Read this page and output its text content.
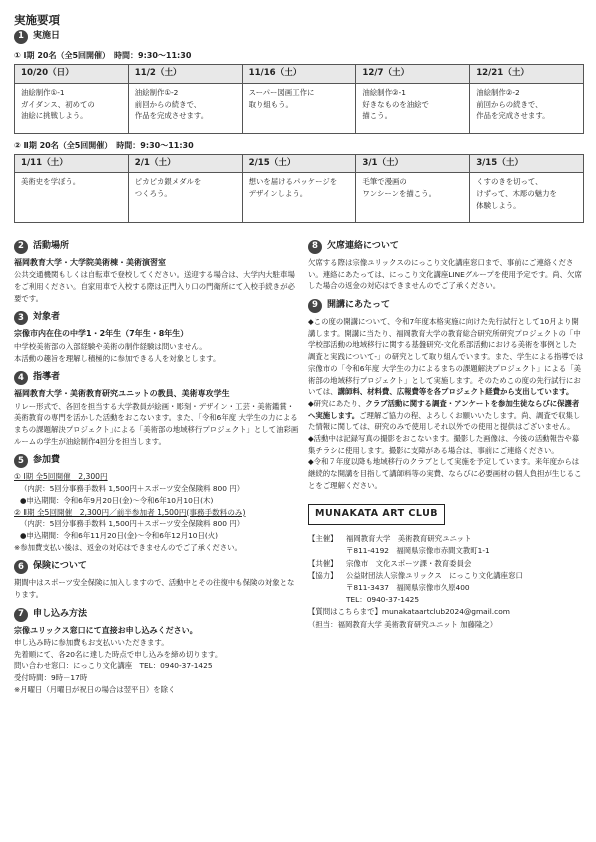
実施要項
1	実施日
① Ⅰ期 20名（全5回開催）　時間：9:30～11:30
10/20（日）	11/2（土）	11/16（土）	12/7（土）	12/21（土）
油絵制作①-1
ガイダンス、初めての
油絵に挑戦しよう。	油絵制作①-2
前回からの続きで、
作品を完成させます。	スーパー図画工作に
取り組もう。	油絵制作②-1
好きなものを油絵で
描こう。	油絵制作②-2
前回からの続きで、
作品を完成させます。
② Ⅱ期 20名（全5回開催）　時間：9:30～11:30
1/11（土）	2/1（土）	2/15（土）	3/1（土）	3/15（土）
美術史を学ぼう。	ピカピカ銀メダルを
つくろう。	想いを届けるパッケージを
デザインしよう。	毛筆で漫画の
ワンシーンを描こう。	くすのきを切って、
けずって、木彫の魅力を
体験しよう。
2	活動場所
福岡教育大学・大学院美術棟・美術演習室
公共交通機関もしくは自転車で登校してください。送迎する場合は、大学内大駐車場をご利用ください。自家用車で入校する際は正門入り口の門衛所にて入校手続きが必要です。
3	対象者
宗像市内在住の中学1・2年生（7年生・8年生）
中学校美術部の入部経験や美術の制作経験は問いません。
本活動の趣旨を理解し積極的に参加できる人を対象とします。
4	指導者
福岡教育大学・美術教育研究ユニットの教員、美術専攻学生
リレー形式で、各回を担当する大学教員が絵画・彫刻・デザイン・工芸・美術鑑賞・美術教育の専門を活かした活動をおこないます。また、｢令和6年度 大学生の力によるまちの課題解決プロジェクト｣による「美術部の地域移行プロジェクト」として油彩画ルームの学生が油絵制作4回分を担当します。
5	参加費
① Ⅰ期 全5回開催　2,300円
（内訳：5回分事務手数料 1,500円＋スポーツ安全保険料 800 円）
●申込期間：令和6年9月20日(金)～令和6年10月10日(木)
② Ⅱ期 全5回開催　2,300円／前半参加者 1,500円(事務手数料のみ)
（内訳：5回分事務手数料 1,500円＋スポーツ安全保険料 800 円）
●申込期間：令和6年11月20日(金)～令和6年12月10日(火)
※参加費支払い後は、返金の対応はできませんのでご了承ください。
6	保険について
期間中はスポーツ安全保険に加入しますので、活動中とその往復中も保険の対象となります。
7	申し込み方法
宗像ユリックス窓口にて直接お申し込みください。
申し込み時に参加費もお支払いいただきます。
先着順にて、各20名に達した時点で申し込みを締め切ります。
問い合わせ窓口：にっこり文化講座　TEL：0940-37-1425
受付時間：9時－17時
※月曜日（月曜日が祝日の場合は翌平日）を除く
8	欠席連絡について
欠席する際は宗像ユリックスのにっこり文化講座窓口まで、事前にご連絡ください。連絡にあたっては、にっこり文化講座LINEグループを使用予定です。尚、欠席した場合の返金の対応はできませんのでご了承ください。
9	開講にあたって
◆この度の開講について、令和7年度本格実施に向けた先行試行として10月より開講します。開講に当たり、福岡教育大学の教育総合研究所研究プロジェクトの「中学校部活動の地域移行に関する基盤研究-文化系部活動における美術を事例とした調査と実践について-」の研究として取り組んでいます。また、学生による指導では宗像市の「令和6年度 大学生の力によるまちの課題解決プロジェクト」による「美術部の地域移行プロジェクト」として実施します。そのためこの度の先行試行においては、講師料、材料費、広報費等を各プロジェクト経費から支出しています。
◆研究にあたり、クラブ活動に関する調査・アンケートを参加生徒ならびに保護者へ実施します。ご理解ご協力の程、よろしくお願いいたします。尚、調査で収集した情報に関しては、研究のみで使用しそれ以外での使用と提供はございません。
◆活動中は記録写真の撮影をおこないます。撮影した画像は、今後の活動報告や募集チラシに使用します。撮影に支障がある場合は、事前にご連絡ください。
◆令和７年度以降も地域移行のクラブとして実施を予定しています。来年度からは継続的な開講を目指して講師料等の実費、ならびに必要画材の個人負担が生じることをご理解ください。
MUNAKATA ART CLUB
【主催】	福岡教育大学　美術教育研究ユニット
〒811-4192　福岡県宗像市赤間文教町1-1
【共催】	宗像市　文化スポーツ課・教育委員会
【協力】	公益財団法人宗像ユリックス　にっこり文化講座窓口
〒811-3437　福岡県宗像市久原400
TEL：0940-37-1425
【質問はこちらまで】 munakataartclub2024@gmail.com
（担当：福岡教育大学 美術教育研究ユニット 加藤隆之）
